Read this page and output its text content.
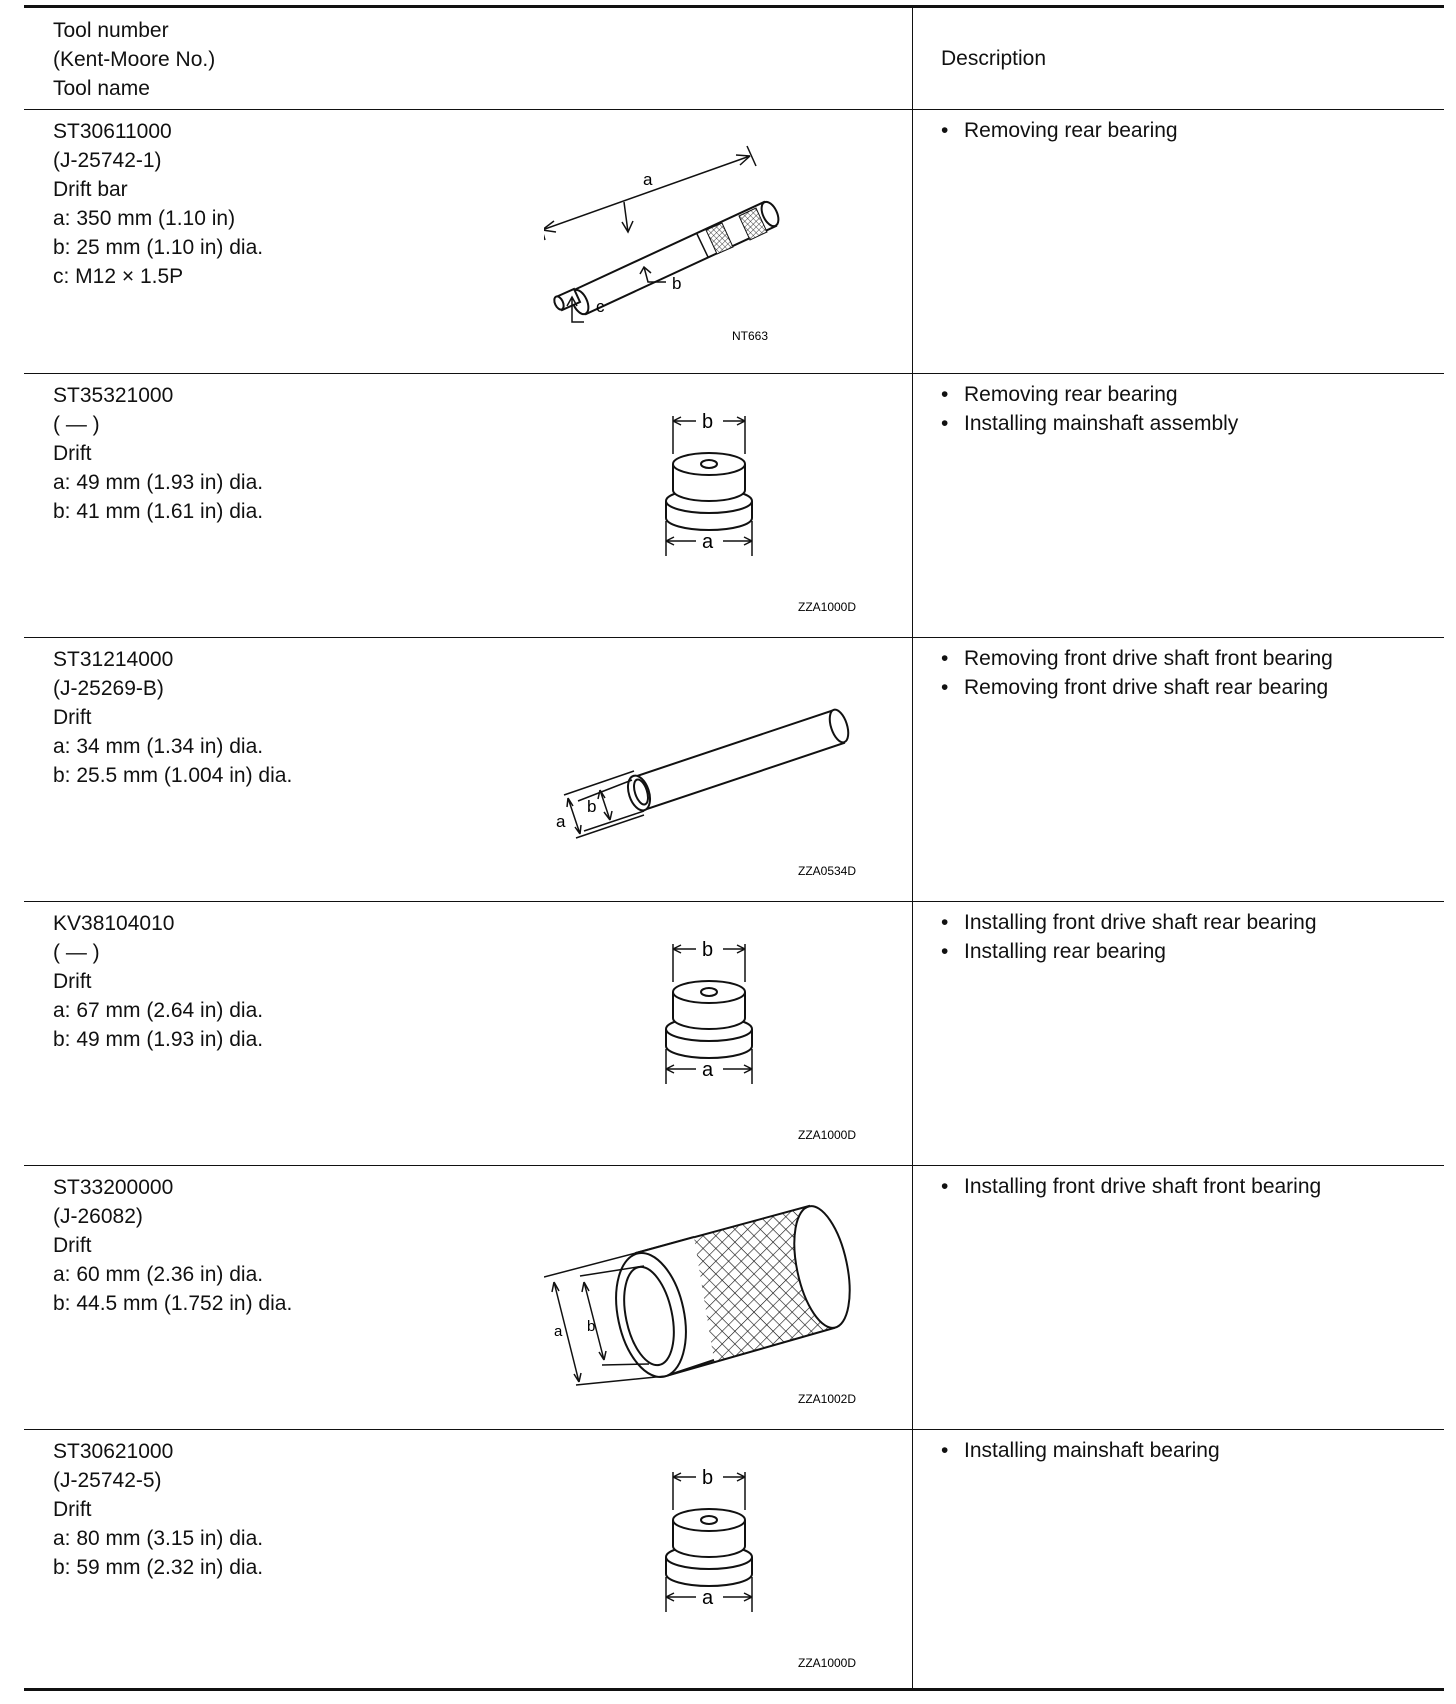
Tool number
(Kent-Moore No.)
Tool name
Description
ST30611000
(J-25742-1)
Drift bar
a: 350 mm (1.10 in)
b: 25 mm (1.10 in) dia.
c: M12 × 1.5P
a
b
c
NT663
• Removing rear bearing
ST35321000
( — )
Drift
a: 49 mm (1.93 in) dia.
b: 41 mm (1.61 in) dia.
b
a
ZZA1000D
• Removing rear bearing
• Installing mainshaft assembly
ST31214000
(J-25269-B)
Drift
a: 34 mm (1.34 in) dia.
b: 25.5 mm (1.004 in) dia.
b
a
ZZA0534D
• Removing front drive shaft front bearing
• Removing front drive shaft rear bearing
KV38104010
( — )
Drift
a: 67 mm (2.64 in) dia.
b: 49 mm (1.93 in) dia.
b
a
ZZA1000D
• Installing front drive shaft rear bearing
• Installing rear bearing
ST33200000
(J-26082)
Drift
a: 60 mm (2.36 in) dia.
b: 44.5 mm (1.752 in) dia.
a b
ZZA1002D
• Installing front drive shaft front bearing
ST30621000
(J-25742-5)
Drift
a: 80 mm (3.15 in) dia.
b: 59 mm (2.32 in) dia.
b
a
ZZA1000D
• Installing mainshaft bearing
